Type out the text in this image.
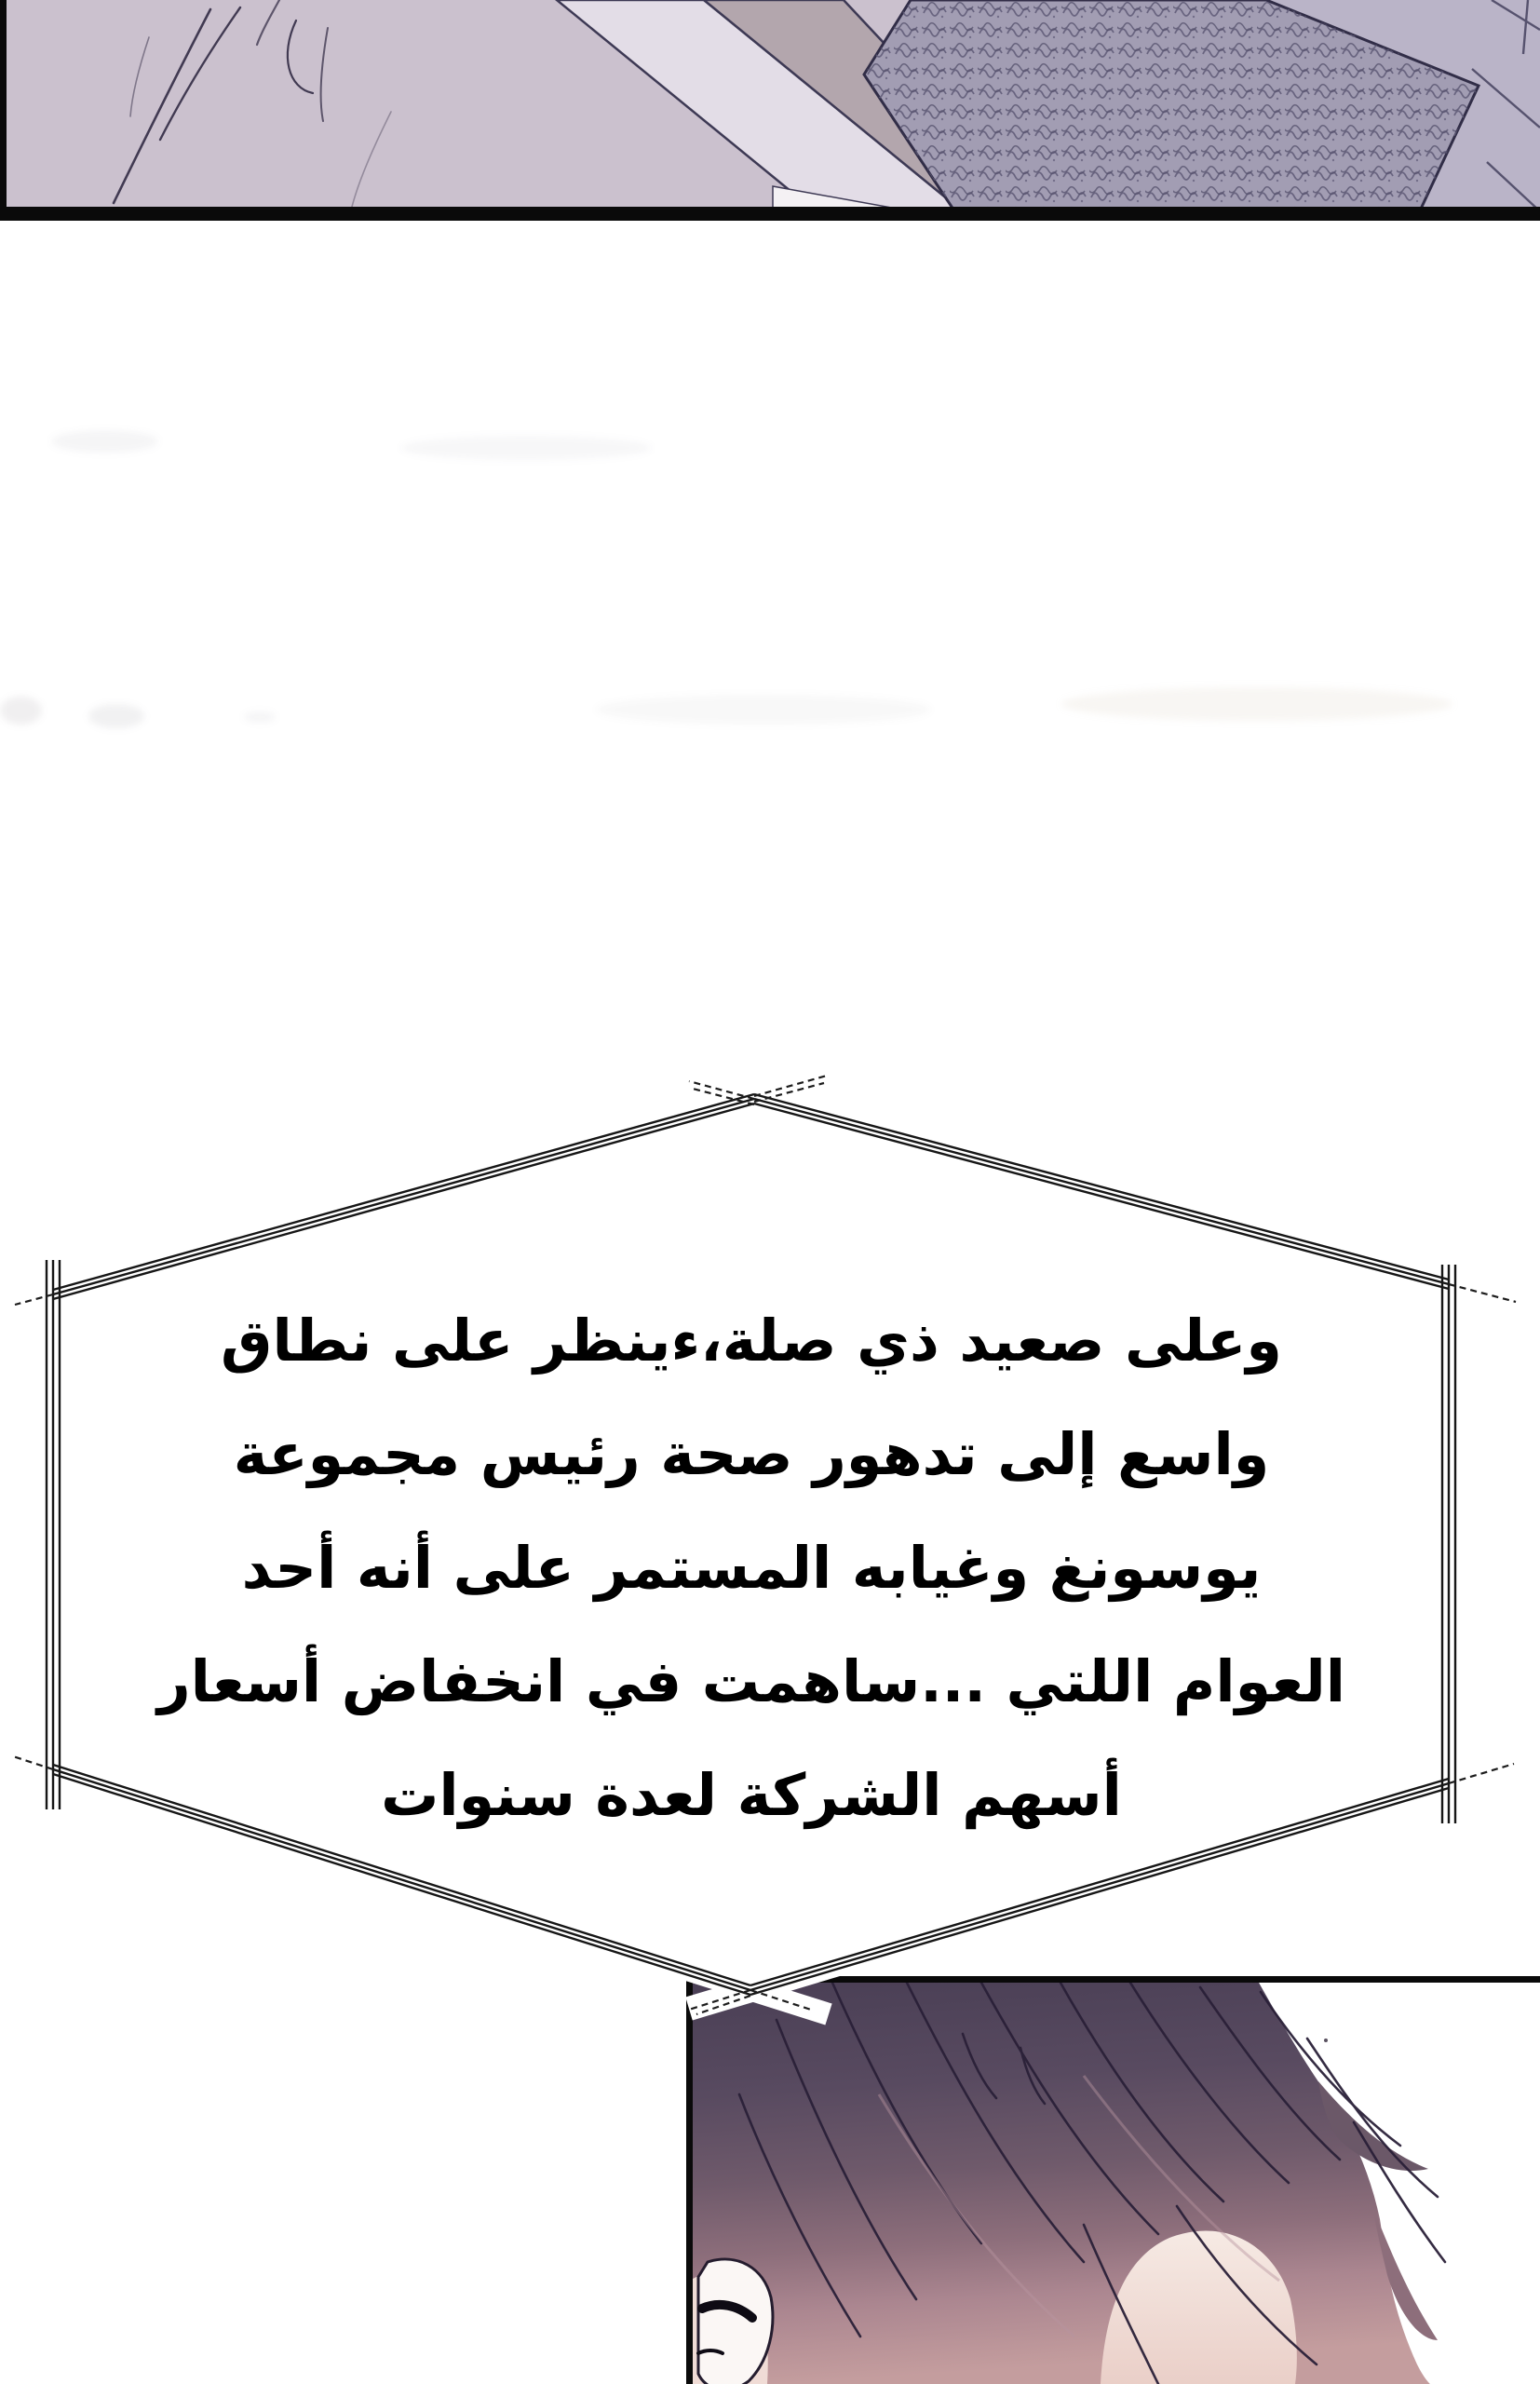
وعلى صعيد ذي صلة،ءينظر على نطاق
واسع إلى تدهور صحة رئيس مجموعة
يوسونغ وغيابه المستمر على أنه أحد
العوام اللتي ...ساهمت في انخفاض أسعار
أسهم الشركة لعدة سنوات
